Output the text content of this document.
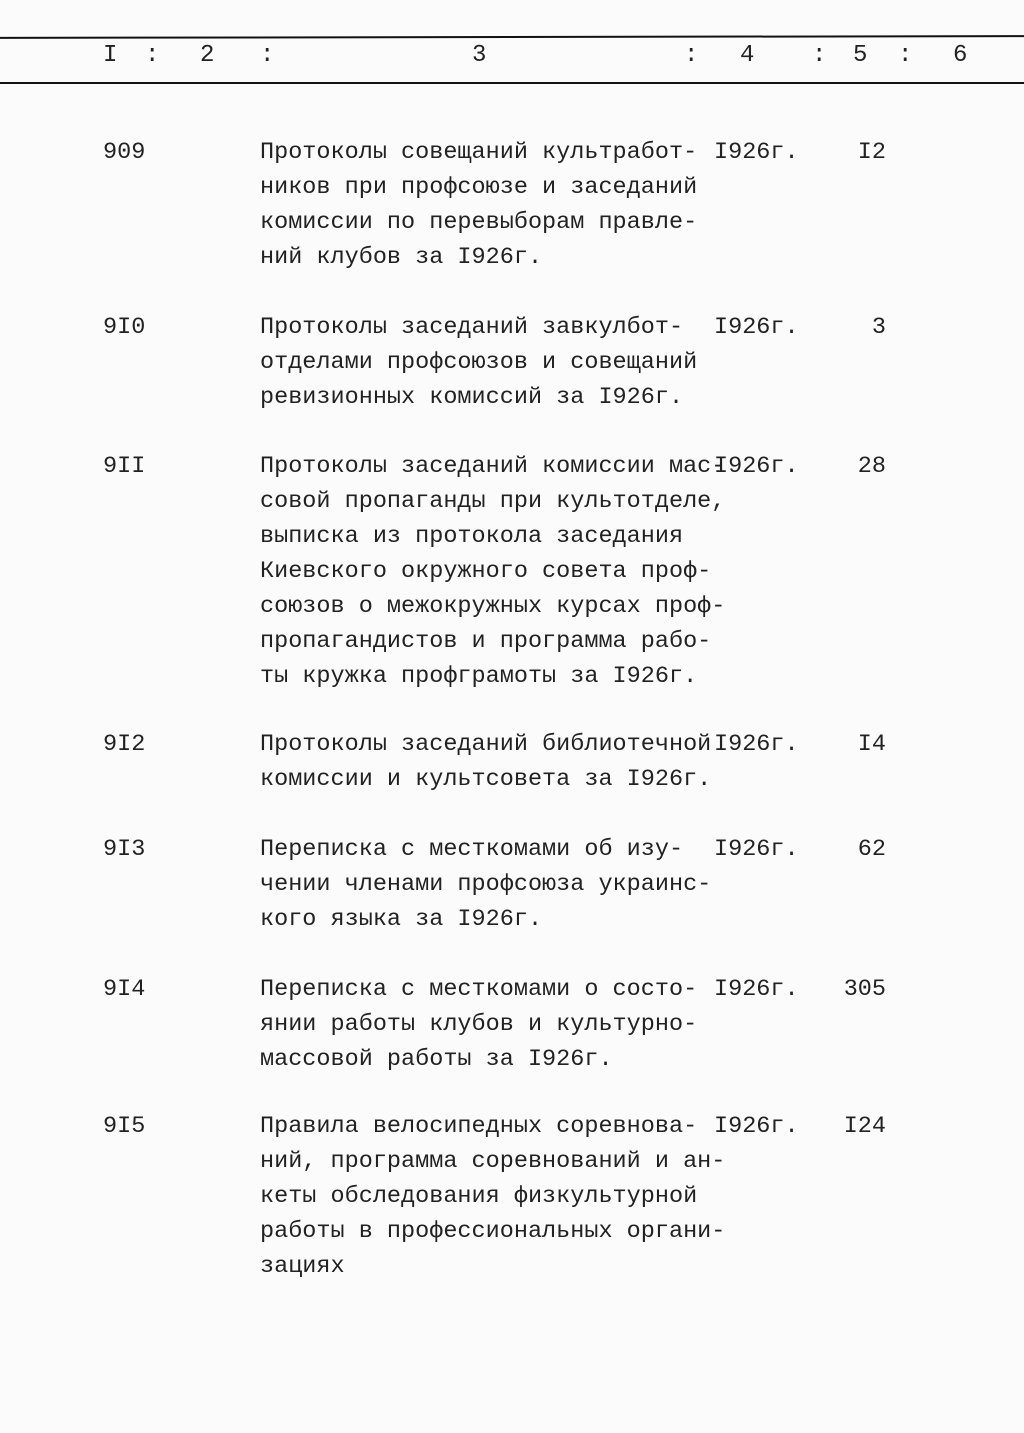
I : 2 :	3	: 4 : 5 : 6
909	Протоколы совещаний культработ-
ников при профсоюзе и заседаний
комиссии по перевыборам правле-
ний клубов за I926г.
I926г.	I2
9I0	Протоколы заседаний завкулбот-
отделами профсоюзов и совещаний
ревизионных комиссий за I926г.
I926г.	3
9II	Протоколы заседаний комиссии мас-
совой пропаганды при культотделе,
выписка из протокола заседания
Киевского окружного совета проф-
союзов о межокружных курсах проф-
пропагандистов и программа рабо-
ты кружка профграмоты за I926г.
I926г.	28
9I2	Протоколы заседаний библиотечной
комиссии и культсовета за I926г.
I926г.	I4
9I3	Переписка с месткомами об изу-
чении членами профсоюза украинс-
кого языка за I926г.
I926г.	62
9I4	Переписка с месткомами о состо-
янии работы клубов и культурно-
массовой работы за I926г.
I926г. 305
9I5	Правила велосипедных соревнова-
ний, программа соревнований и ан-
кеты обследования физкультурной
работы в профессиональных органи-
зациях
I926г. I24
